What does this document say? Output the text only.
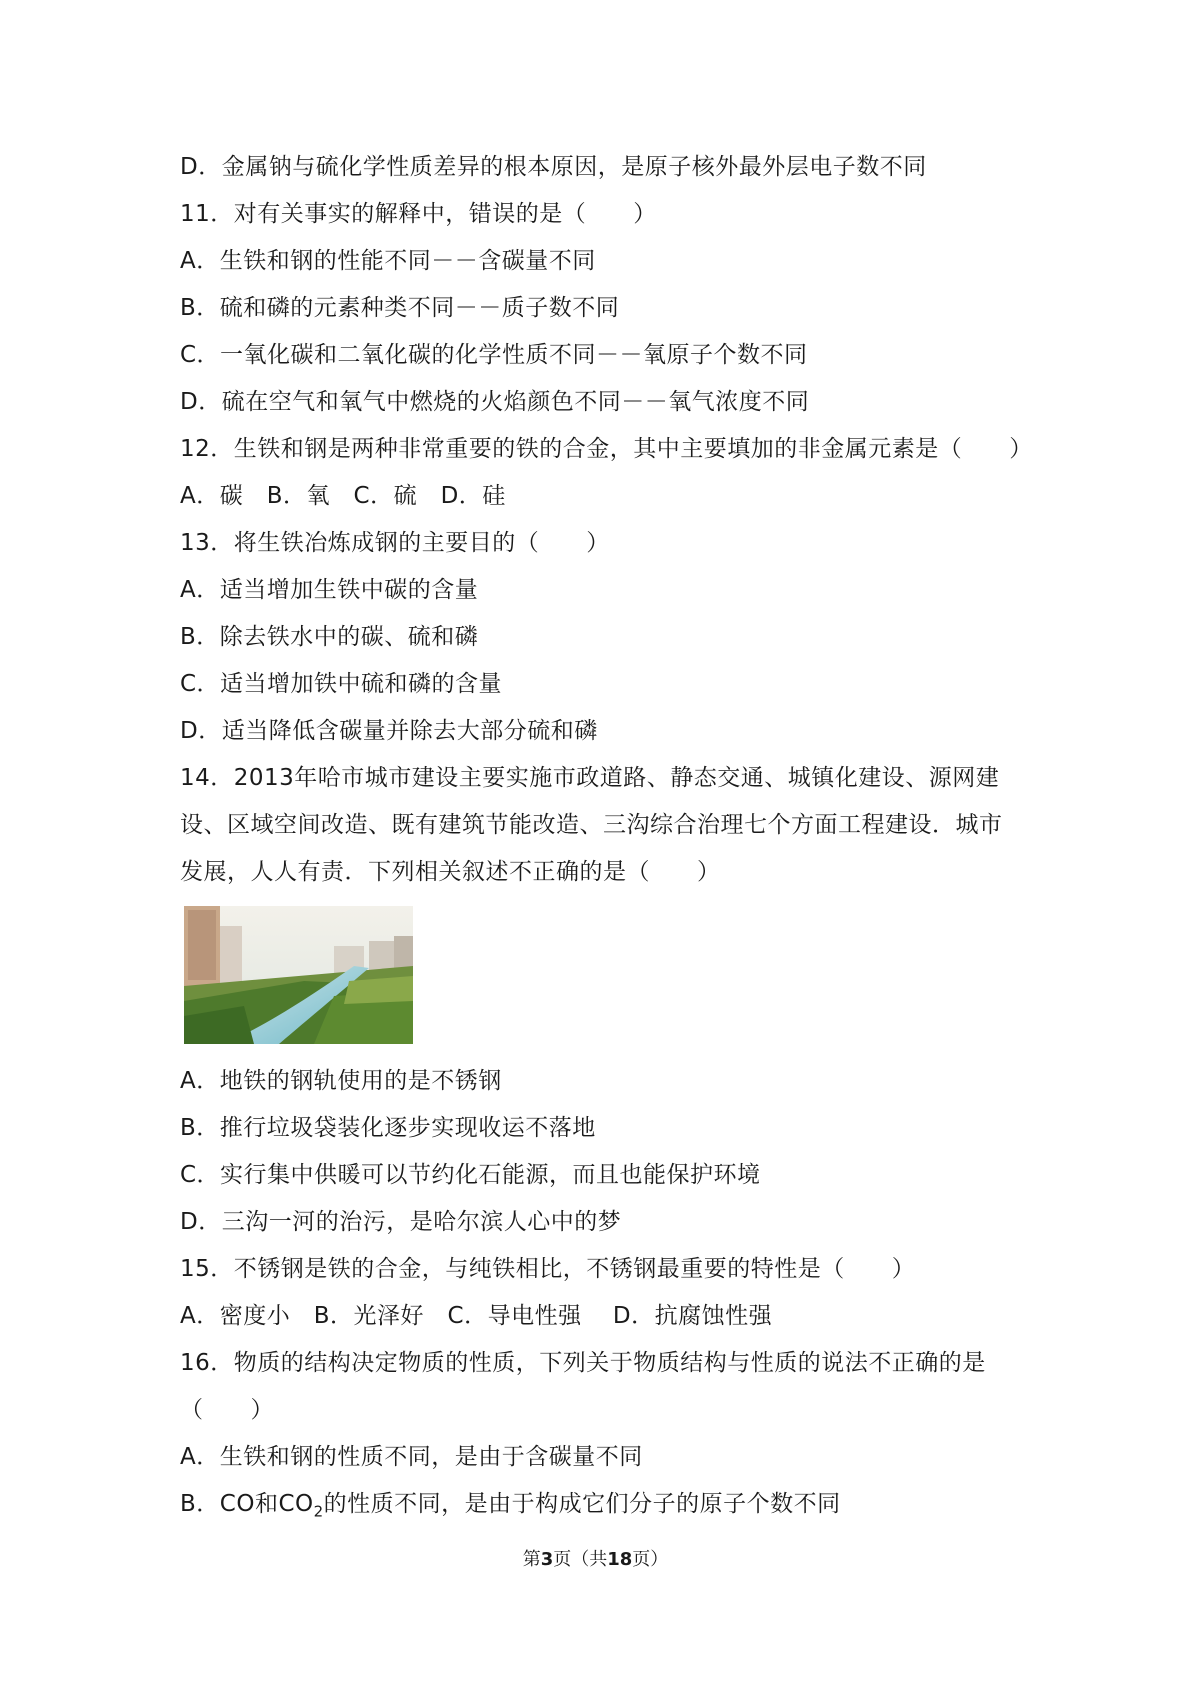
D．金属钠与硫化学性质差异的根本原因，是原子核外最外层电子数不同
11．对有关事实的解释中，错误的是（　　）
A．生铁和钢的性能不同－－含碳量不同
B．硫和磷的元素种类不同－－质子数不同
C．一氧化碳和二氧化碳的化学性质不同－－氧原子个数不同
D．硫在空气和氧气中燃烧的火焰颜色不同－－氧气浓度不同
12．生铁和钢是两种非常重要的铁的合金，其中主要填加的非金属元素是（　　）
A．碳　B．氧　C．硫　D．硅
13．将生铁冶炼成钢的主要目的（　　）
A．适当增加生铁中碳的含量
B．除去铁水中的碳、硫和磷
C．适当增加铁中硫和磷的含量
D．适当降低含碳量并除去大部分硫和磷
14．2013年哈市城市建设主要实施市政道路、静态交通、城镇化建设、源网建
设、区域空间改造、既有建筑节能改造、三沟综合治理七个方面工程建设．城市
发展，人人有责．下列相关叙述不正确的是（　　）
A．地铁的钢轨使用的是不锈钢
B．推行垃圾袋装化逐步实现收运不落地
C．实行集中供暖可以节约化石能源，而且也能保护环境
D．三沟一河的治污，是哈尔滨人心中的梦
15．不锈钢是铁的合金，与纯铁相比，不锈钢最重要的特性是（　　）
A．密度小　B．光泽好　C．导电性强　 D．抗腐蚀性强
16．物质的结构决定物质的性质，下列关于物质结构与性质的说法不正确的是
（　　）
A．生铁和钢的性质不同，是由于含碳量不同
B．CO和$CO_2$的性质不同，是由于构成它们分子的原子个数不同
第3页（共18页）
